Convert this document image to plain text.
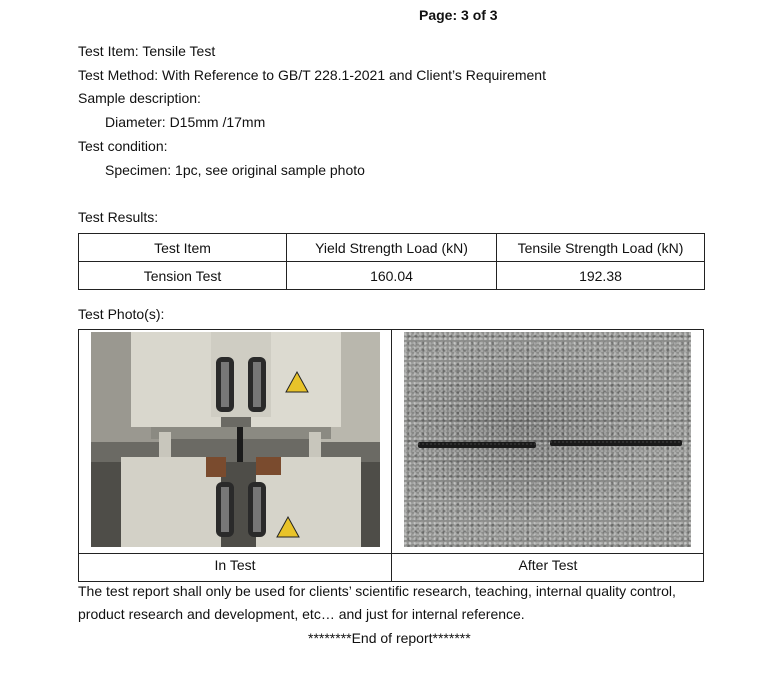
Page: 3 of 3
Test Item: Tensile Test
Test Method: With Reference to GB/T 228.1-2021 and Client’s Requirement
Sample description:
Diameter: D15mm /17mm
Test condition:
Specimen: 1pc, see original sample photo
Test Results:
Test Item	Yield Strength Load (kN)	Tensile Strength Load (kN)
Tension Test	160.04	192.38
Test Photo(s):
In Test	After Test
The test report shall only be used for clients’ scientific research, teaching, internal quality control,
product research and development, etc… and just for internal reference.
********End of report*******
